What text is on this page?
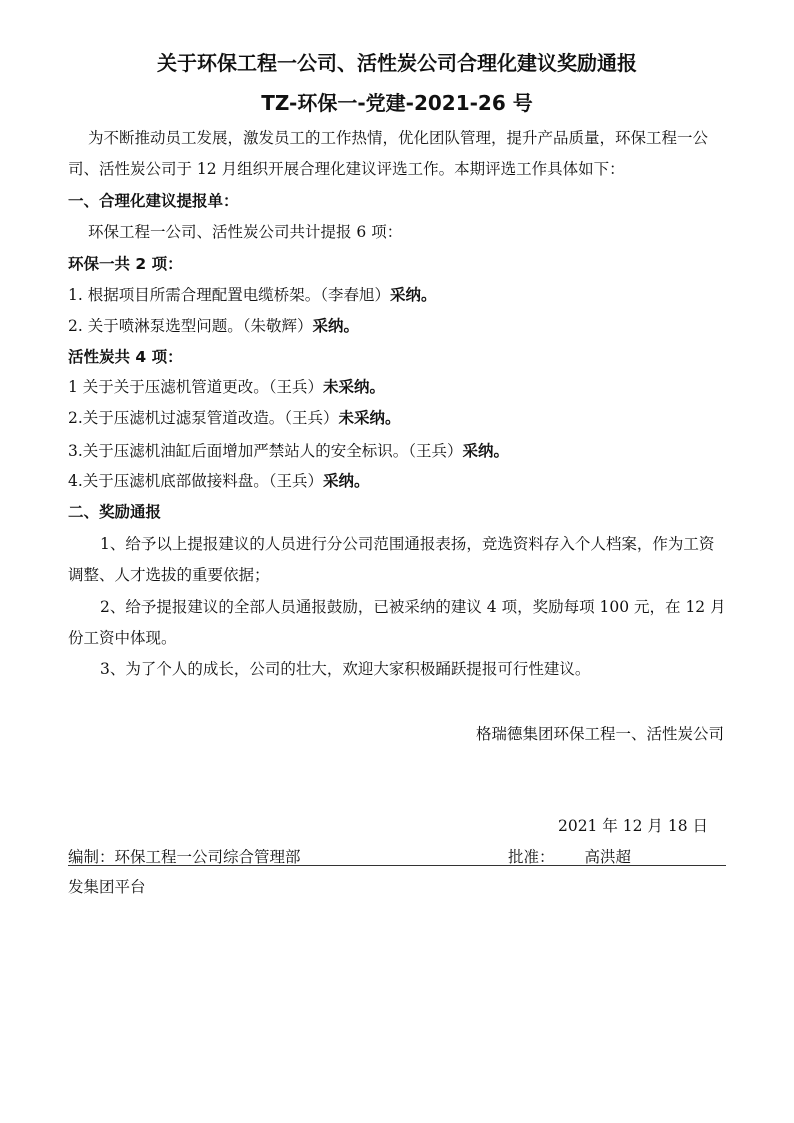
关于环保工程一公司、活性炭公司合理化建议奖励通报
TZ-环保一-党建-2021-26 号
为不断推动员工发展，激发员工的工作热情，优化团队管理，提升产品质量，环保工程一公
司、活性炭公司于 12 月组织开展合理化建议评选工作。本期评选工作具体如下：
一、合理化建议提报单：
环保工程一公司、活性炭公司共计提报 6 项：
环保一共 2 项：
1. 根据项目所需合理配置电缆桥架。（李春旭）采纳。
2. 关于喷淋泵选型问题。（朱敬辉）采纳。
活性炭共 4 项：
1 关于关于压滤机管道更改。（王兵）未采纳。
2.关于压滤机过滤泵管道改造。（王兵）未采纳。
3.关于压滤机油缸后面增加严禁站人的安全标识。（王兵）采纳。
4.关于压滤机底部做接料盘。（王兵）采纳。
二、奖励通报
1、给予以上提报建议的人员进行分公司范围通报表扬，竞选资料存入个人档案，作为工资
调整、人才选拔的重要依据；
2、给予提报建议的全部人员通报鼓励，已被采纳的建议 4 项，奖励每项 100 元，在 12 月
份工资中体现。
3、为了个人的成长，公司的壮大，欢迎大家积极踊跃提报可行性建议。
格瑞德集团环保工程一、活性炭公司
2021 年 12 月 18 日
编制：环保工程一公司综合管理部	批准： 高洪超
发集团平台
